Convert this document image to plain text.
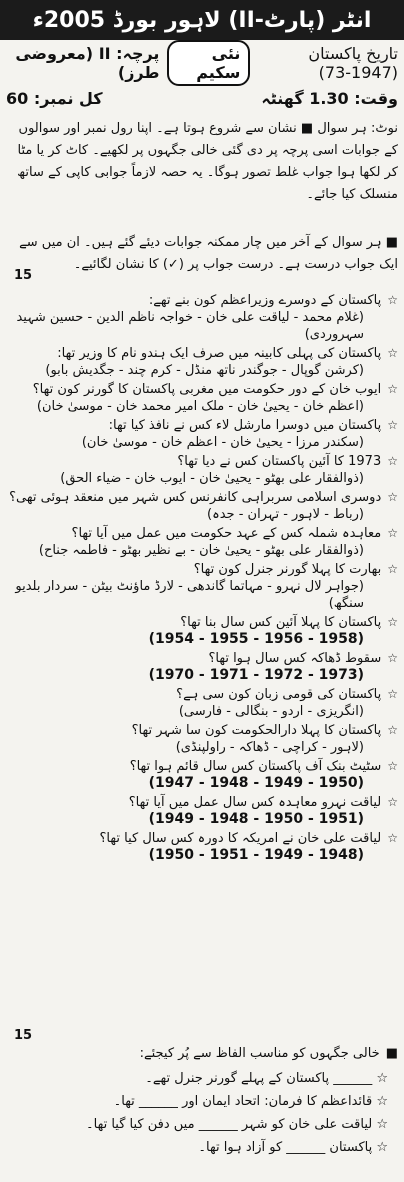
انٹر (پارٹ-II) لاہور بورڈ 2005ء
تاریخ پاکستان (1947-73)
نئی سکیم
پرچہ: II (معروضی طرز)
وقت: 1.30 گھنٹہ
کل نمبر: 60
نوٹ: ہر سوال ■ نشان سے شروع ہوتا ہے۔ اپنا رول نمبر اور سوالوں کے جوابات اسی پرچہ پر دی گئی خالی جگہوں پر لکھیے۔ کاٹ کر یا مٹا کر لکھا ہوا جواب غلط تصور ہوگا۔ یہ حصہ لازماً جوابی کاپی کے ساتھ منسلک کیا جائے۔
■ ہر سوال کے آخر میں چار ممکنہ جوابات دیئے گئے ہیں۔ ان میں سے ایک جواب درست ہے۔ درست جواب پر (✓) کا نشان لگائیے۔
15
☆
پاکستان کے دوسرے وزیراعظم کون بنے تھے:
(غلام محمد - لیاقت علی خان - خواجہ ناظم الدین - حسین شہید سہروردی)
☆
پاکستان کی پہلی کابینہ میں صرف ایک ہندو نام کا وزیر تھا:
(کرشن گوپال - جوگندر ناتھ منڈل - کرم چند - جگدیش بابو)
☆
ایوب خان کے دور حکومت میں مغربی پاکستان کا گورنر کون تھا؟
(اعظم خان - یحییٰ خان - ملک امیر محمد خان - موسیٰ خان)
☆
پاکستان میں دوسرا مارشل لاء کس نے نافذ کیا تھا:
(سکندر مرزا - یحییٰ خان - اعظم خان - موسیٰ خان)
☆
1973 کا آئین پاکستان کس نے دیا تھا؟
(ذوالفقار علی بھٹو - یحییٰ خان - ایوب خان - ضیاء الحق)
☆
دوسری اسلامی سربراہی کانفرنس کس شہر میں منعقد ہوئی تھی؟
(رباط - لاہور - تہران - جدہ)
☆
معاہدہ شملہ کس کے عہد حکومت میں عمل میں آیا تھا؟
(ذوالفقار علی بھٹو - یحییٰ خان - بے نظیر بھٹو - فاطمہ جناح)
☆
بھارت کا پہلا گورنر جنرل کون تھا؟
(جواہر لال نہرو - مہاتما گاندھی - لارڈ ماؤنٹ بیٹن - سردار بلدیو سنگھ)
☆
پاکستان کا پہلا آئین کس سال بنا تھا؟
(1954 - 1955 - 1956 - 1958)
☆
سقوط ڈھاکہ کس سال ہوا تھا؟
(1970 - 1971 - 1972 - 1973)
☆
پاکستان کی قومی زبان کون سی ہے؟
(انگریزی - اردو - بنگالی - فارسی)
☆
پاکستان کا پہلا دارالحکومت کون سا شہر تھا؟
(لاہور - کراچی - ڈھاکہ - راولپنڈی)
☆
سٹیٹ بنک آف پاکستان کس سال قائم ہوا تھا؟
(1947 - 1948 - 1949 - 1950)
☆
لیاقت نہرو معاہدہ کس سال عمل میں آیا تھا؟
(1949 - 1948 - 1950 - 1951)
☆
لیاقت علی خان نے امریکہ کا دورہ کس سال کیا تھا؟
(1950 - 1951 - 1949 - 1948)
15
■
خالی جگہوں کو مناسب الفاظ سے پُر کیجئے:
☆ ______ پاکستان کے پہلے گورنر جنرل تھے۔
☆ قائداعظم کا فرمان: اتحاد ایمان اور ______ تھا۔
☆ لیاقت علی خان کو شہر ______ میں دفن کیا گیا تھا۔
☆ پاکستان ______ کو آزاد ہوا تھا۔
